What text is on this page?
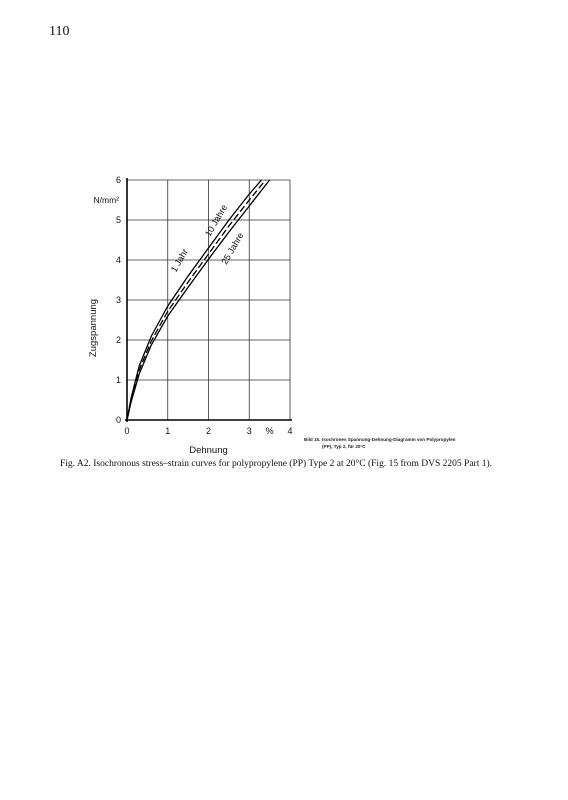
110
0	1	2	3	4
0
1
2
3
4
5
6
%
N/mm²
Dehnung
Zugspannung
1 Jahr
10 Jahre
25 Jahre
Bild 15. Isochrones Spannung-Dehnung-Diagramm von Polypropylen
(PP), Typ 2, für 20°C
Fig. A2. Isochronous stress–strain curves for polypropylene (PP) Type 2 at 20°C (Fig. 15 from DVS 2205 Part 1).
